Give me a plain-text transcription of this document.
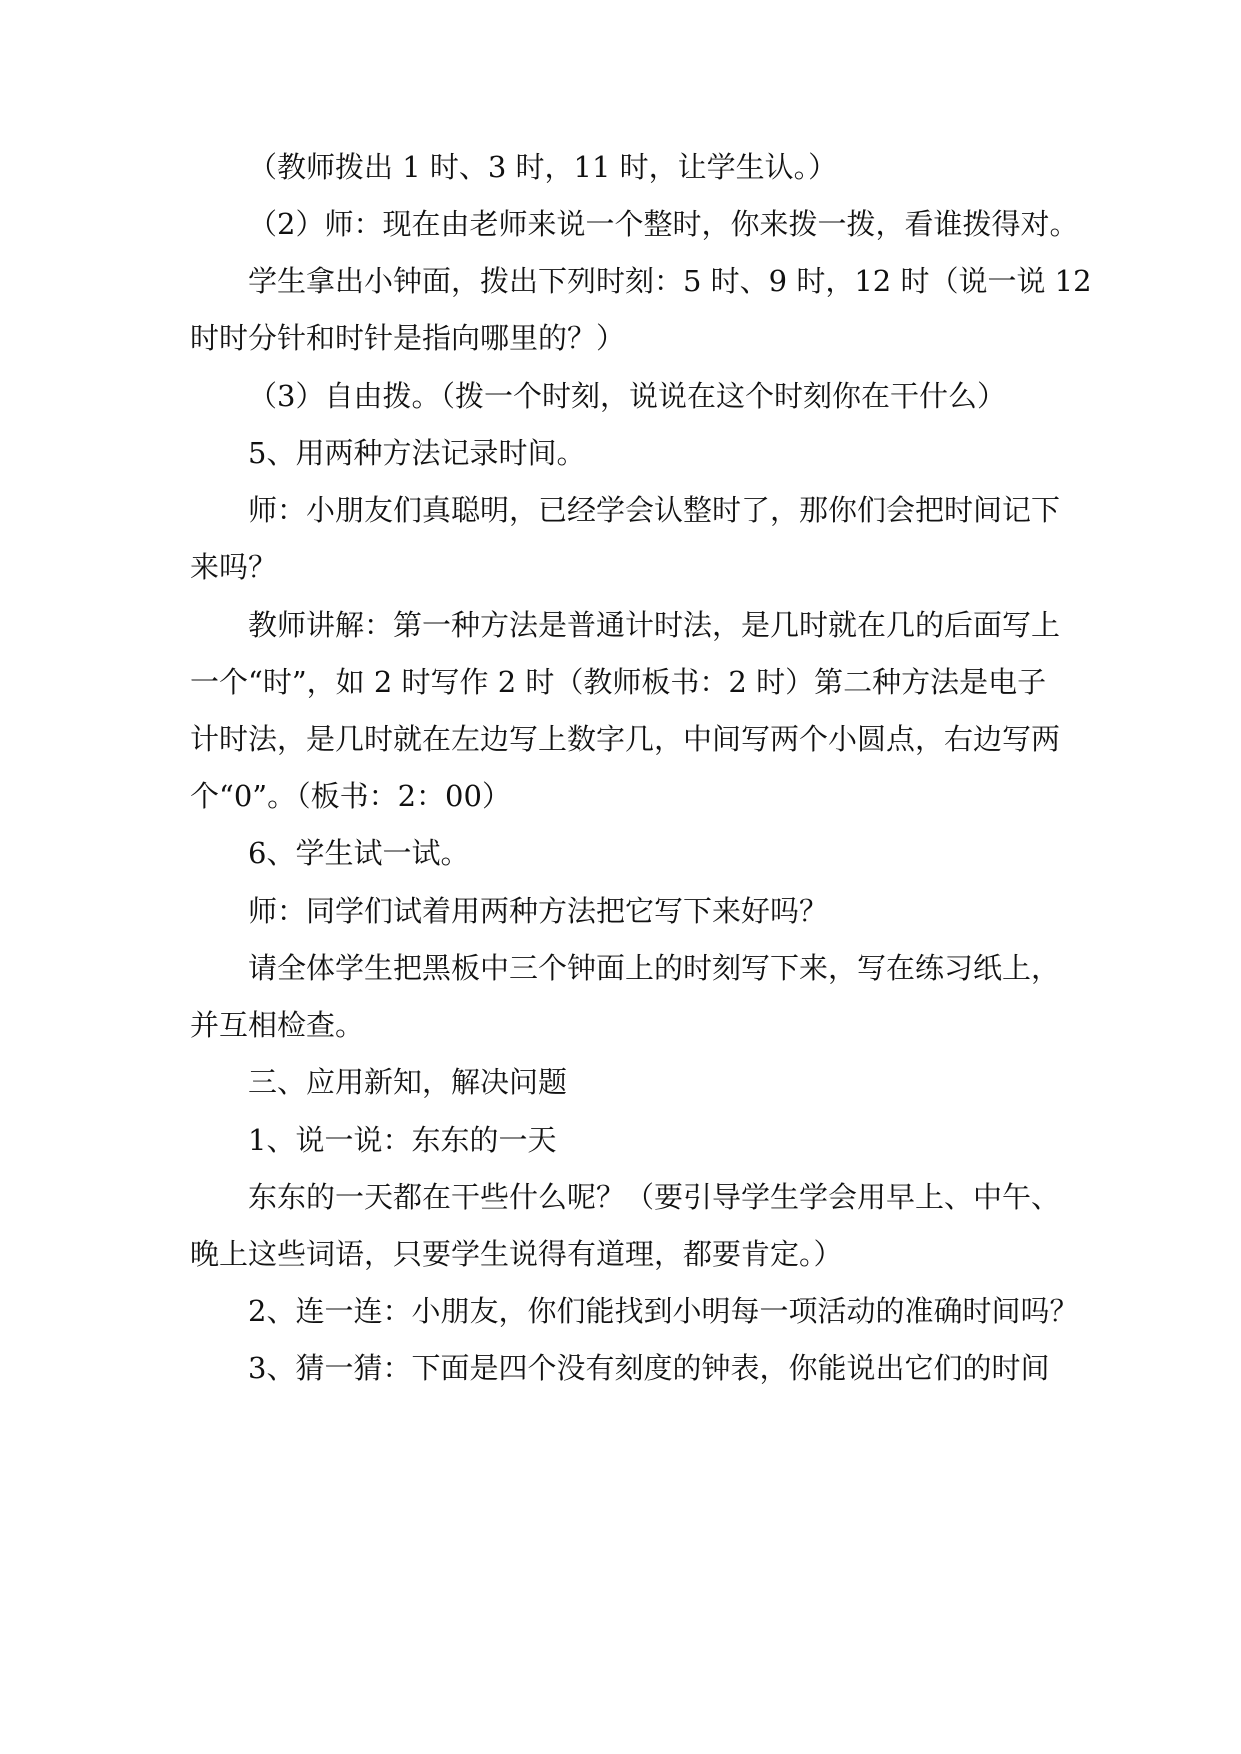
（教师拨出 1 时、3 时，11 时，让学生认。）

（2）师：现在由老师来说一个整时，你来拨一拨，看谁拨得对。

学生拿出小钟面，拨出下列时刻：5 时、9 时，12 时（说一说 12

时时分针和时针是指向哪里的？）

（3）自由拨。（拨一个时刻，说说在这个时刻你在干什么）

5、用两种方法记录时间。

师：小朋友们真聪明，已经学会认整时了，那你们会把时间记下

来吗？

教师讲解：第一种方法是普通计时法，是几时就在几的后面写上

一个“时”，如 2 时写作 2 时（教师板书：2 时）第二种方法是电子

计时法，是几时就在左边写上数字几，中间写两个小圆点，右边写两

个“0”。（板书：2：00）

6、学生试一试。

师：同学们试着用两种方法把它写下来好吗？

请全体学生把黑板中三个钟面上的时刻写下来，写在练习纸上，

并互相检查。

三、应用新知，解决问题

1、说一说：东东的一天

东东的一天都在干些什么呢？（要引导学生学会用早上、中午、

晚上这些词语，只要学生说得有道理，都要肯定。）

2、连一连：小朋友，你们能找到小明每一项活动的准确时间吗？

3、猜一猜：下面是四个没有刻度的钟表，你能说出它们的时间
